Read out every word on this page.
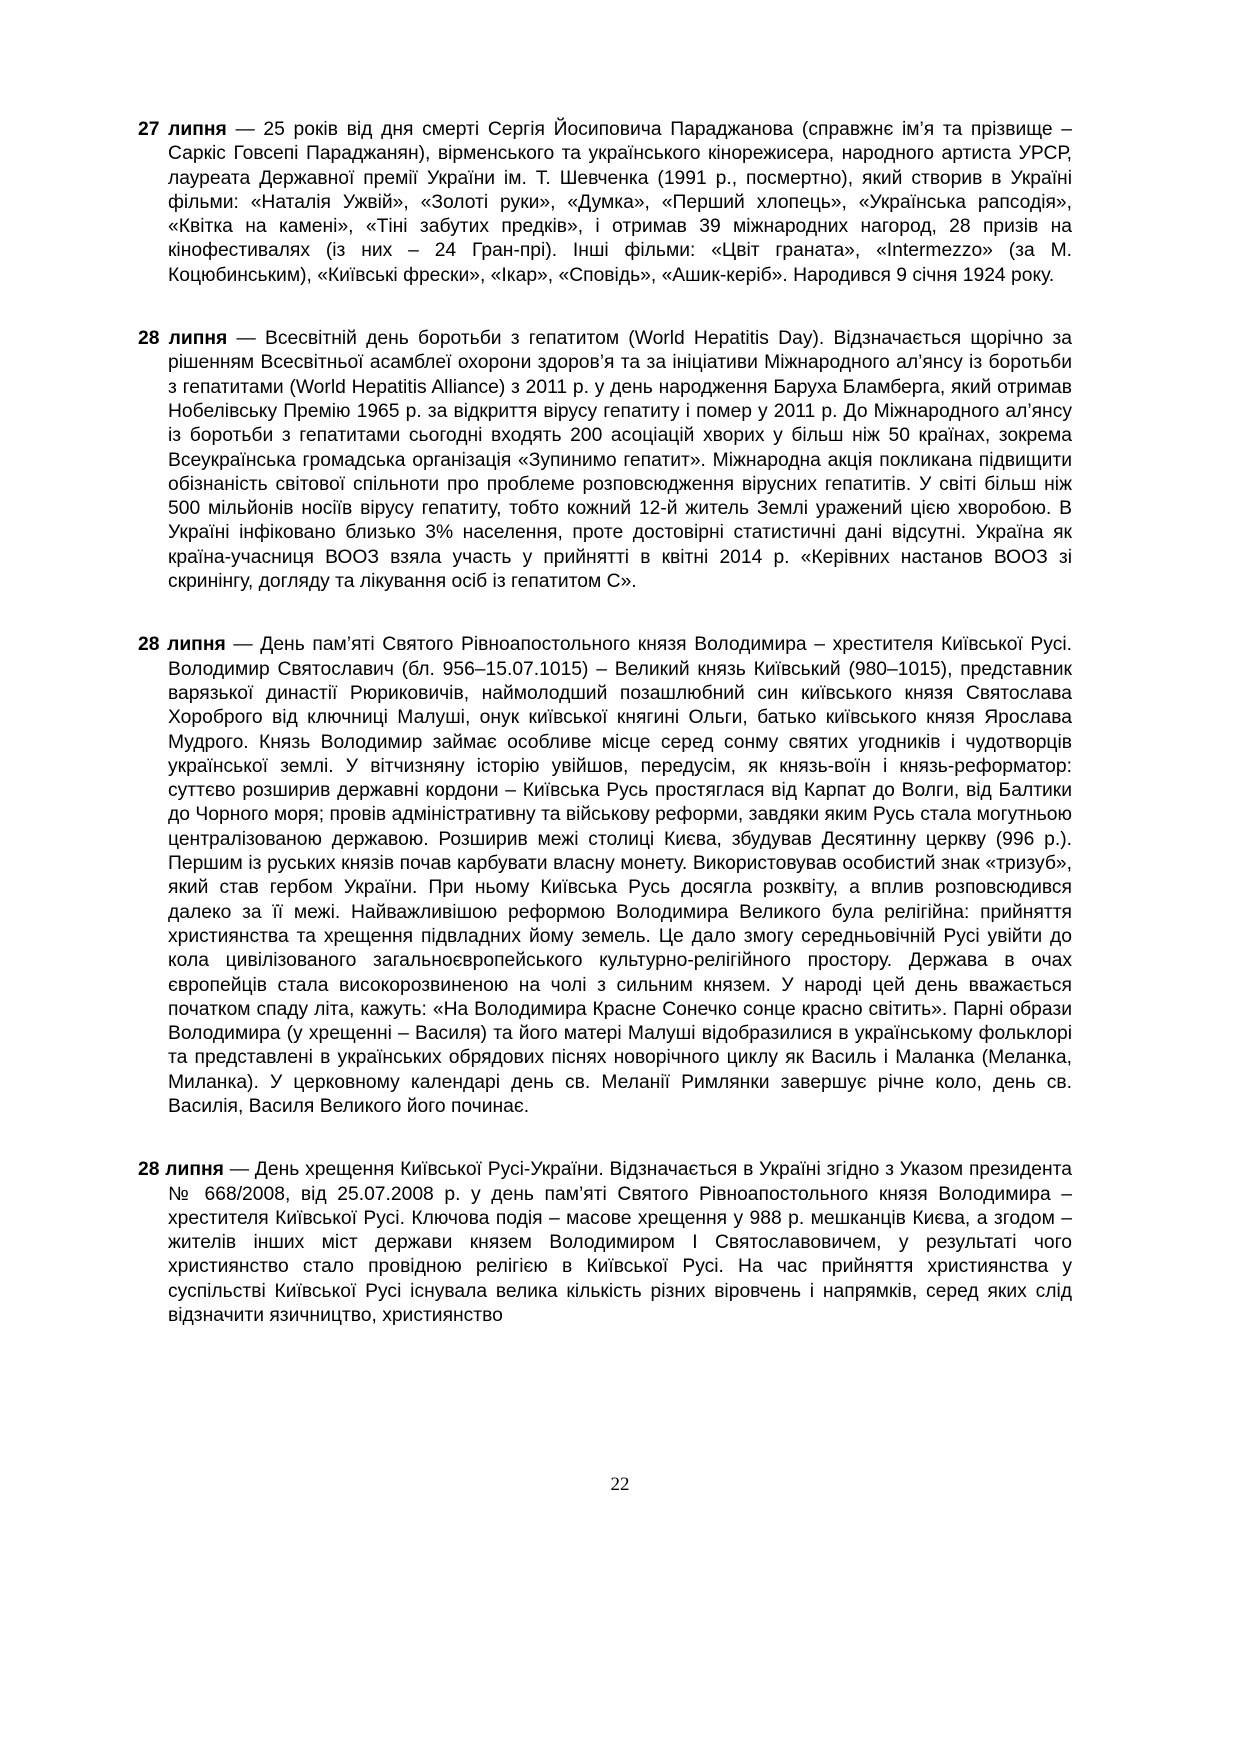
27 липня — 25 років від дня смерті Сергія Йосиповича Параджанова (справжнє ім’я та прізвище – Саркіс Говсепі Параджанян), вірменського та українського кінорежисера, народного артиста УРСР, лауреата Державної премії України ім. Т. Шевченка (1991 р., посмертно), який створив в Україні фільми: «Наталія Ужвій», «Золоті руки», «Думка», «Перший хлопець», «Українська рапсодія», «Квітка на камені», «Тіні забутих предків», і отримав 39 міжнародних нагород, 28 призів на кінофестивалях (із них – 24 Гран-прі). Інші фільми: «Цвіт граната», «Intermezzo» (за М. Коцюбинським), «Київські фрески», «Ікар», «Сповідь», «Ашик-керіб». Народився 9 січня 1924 року.

28 липня — Всесвітній день боротьби з гепатитом (World Hepatitis Day). Відзначається щорічно за рішенням Всесвітньої асамблеї охорони здоров’я та за ініціативи Міжнародного ал’янсу із боротьби з гепатитами (World Hepatitis Alliance) з 2011 р. у день народження Баруха Бламберга, який отримав Нобелівську Премію 1965 р. за відкриття вірусу гепатиту і помер у 2011 р. До Міжнародного ал’янсу із боротьби з гепатитами сьогодні входять 200 асоціацій хворих у більш ніж 50 країнах, зокрема Всеукраїнська громадська організація «Зупинимо гепатит». Міжнародна акція покликана підвищити обізнаність світової спільноти про проблеме розповсюдження вірусних гепатитів. У світі більш ніж 500 мільйонів носіїв вірусу гепатиту, тобто кожний 12-й житель Землі уражений цією хворобою. В Україні інфіковано близько 3% населення, проте достовірні статистичні дані відсутні. Україна як країна-учасниця ВООЗ взяла участь у прийнятті в квітні 2014 р. «Керівних настанов ВООЗ зі скринінгу, догляду та лікування осіб із гепатитом С».

28 липня — День пам’яті Святого Рівноапостольного князя Володимира – хрестителя Київської Русі. Володимир Святославич (бл. 956–15.07.1015) – Великий князь Київський (980–1015), представник варязької династії Рюриковичів, наймолодший позашлюбний син київського князя Святослава Хороброго від ключниці Малуші, онук київської княгині Ольги, батько київського князя Ярослава Мудрого. Князь Володимир займає особливе місце серед сонму святих угодників і чудотворців української землі. У вітчизняну історію увійшов, передусім, як князь-воїн і князь-реформатор: суттєво розширив державні кордони – Київська Русь простяглася від Карпат до Волги, від Балтики до Чорного моря; провів адміністративну та військову реформи, завдяки яким Русь стала могутньою централізованою державою. Розширив межі столиці Києва, збудував Десятинну церкву (996 р.). Першим із руських князів почав карбувати власну монету. Використовував особистий знак «тризуб», який став гербом України. При ньому Київська Русь досягла розквіту, а вплив розповсюдився далеко за її межі. Найважливішою реформою Володимира Великого була релігійна: прийняття християнства та хрещення підвладних йому земель. Це дало змогу середньовічній Русі увійти до кола цивілізованого загальноєвропейського культурно-релігійного простору. Держава в очах європейців стала високорозвиненою на чолі з сильним князем. У народі цей день вважається початком спаду літа, кажуть: «На Володимира Красне Сонечко сонце красно світить». Парні образи Володимира (у хрещенні – Василя) та його матері Малуші відобразилися в українському фольклорі та представлені в українських обрядових піснях новорічного циклу як Василь і Маланка (Меланка, Миланка). У церковному календарі день св. Меланії Римлянки завершує річне коло, день св. Василія, Василя Великого його починає.

28 липня — День хрещення Київської Русі-України. Відзначається в Україні згідно з Указом президента № 668/2008, від 25.07.2008 р. у день пам’яті Святого Рівноапостольного князя Володимира – хрестителя Київської Русі. Ключова подія – масове хрещення у 988 р. мешканців Києва, а згодом – жителів інших міст держави князем Володимиром І Святославовичем, у результаті чого християнство стало провідною релігією в Київської Русі. На час прийняття християнства у суспільстві Київської Русі існувала велика кількість різних віровчень і напрямків, серед яких слід відзначити язичництво, християнство

22
